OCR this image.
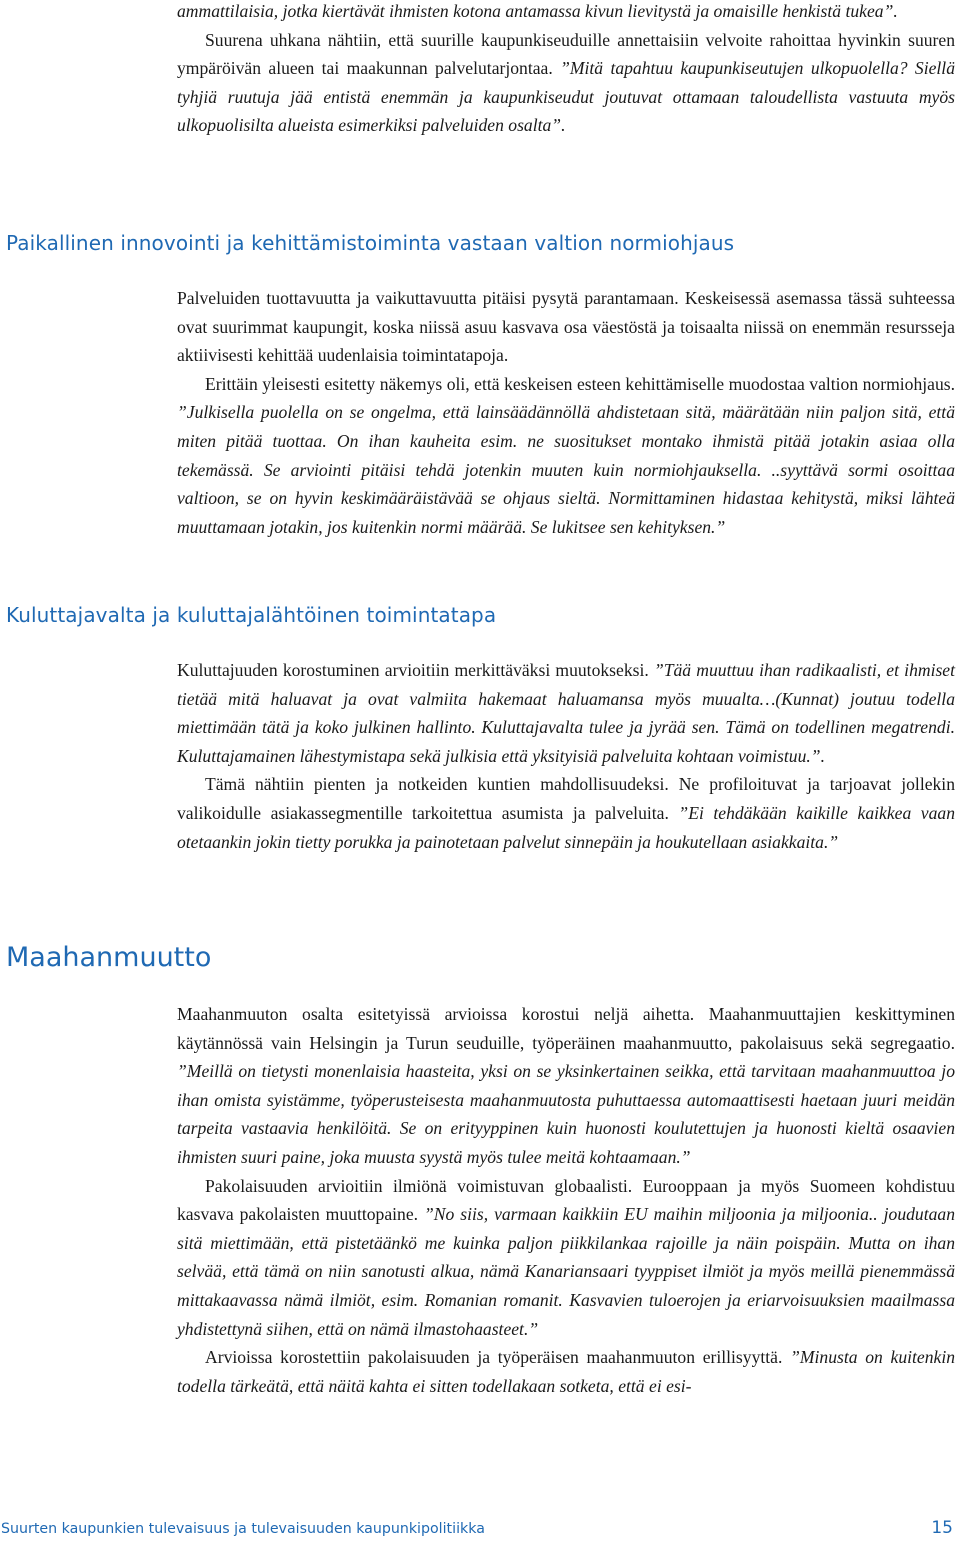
ammattilaisia, jotka kiertävät ihmisten kotona antamassa kivun lievitystä ja omaisille henkistä tukea”.

Suurena uhkana nähtiin, että suurille kaupunkiseuduille annettaisiin velvoite rahoittaa hyvinkin suuren ympäröivän alueen tai maakunnan palvelutarjontaa. ”Mitä tapahtuu kaupunkiseutujen ulkopuolella? Siellä tyhjiä ruutuja jää entistä enemmän ja kaupunkiseudut joutuvat ottamaan taloudellista vastuuta myös ulkopuolisilta alueista esimerkiksi palveluiden osalta”.

Paikallinen innovointi ja kehittämistoiminta vastaan valtion normiohjaus

Palveluiden tuottavuutta ja vaikuttavuutta pitäisi pysytä parantamaan. Keskeisessä asemassa tässä suhteessa ovat suurimmat kaupungit, koska niissä asuu kasvava osa väestöstä ja toisaalta niissä on enemmän resursseja aktiivisesti kehittää uudenlaisia toimintatapoja.

Erittäin yleisesti esitetty näkemys oli, että keskeisen esteen kehittämiselle muodostaa valtion normiohjaus. ”Julkisella puolella on se ongelma, että lainsäädännöllä ahdistetaan sitä, määrätään niin paljon sitä, että miten pitää tuottaa. On ihan kauheita esim. ne suositukset montako ihmistä pitää jotakin asiaa olla tekemässä. Se arviointi pitäisi tehdä jotenkin muuten kuin normiohjauksella. ..syyttävä sormi osoittaa valtioon, se on hyvin keskimääräistävää se ohjaus sieltä. Normittaminen hidastaa kehitystä, miksi lähteä muuttamaan jotakin, jos kuitenkin normi määrää. Se lukitsee sen kehityksen.”

Kuluttajavalta ja kuluttajalähtöinen toimintatapa

Kuluttajuuden korostuminen arvioitiin merkittäväksi muutokseksi. ”Tää muuttuu ihan radikaalisti, et ihmiset tietää mitä haluavat ja ovat valmiita hakemaat haluamansa myös muualta…(Kunnat) joutuu todella miettimään tätä ja koko julkinen hallinto. Kuluttajavalta tulee ja jyrää sen. Tämä on todellinen megatrendi. Kuluttajamainen lähestymistapa sekä julkisia että yksityisiä palveluita kohtaan voimistuu.”.

Tämä nähtiin pienten ja notkeiden kuntien mahdollisuudeksi. Ne profiloituvat ja tarjoavat jollekin valikoidulle asiakassegmentille tarkoitettua asumista ja palveluita. ”Ei tehdäkään kaikille kaikkea vaan otetaankin jokin tietty porukka ja painotetaan palvelut sinnepäin ja houkutellaan asiakkaita.”

Maahanmuutto

Maahanmuuton osalta esitetyissä arvioissa korostui neljä aihetta. Maahanmuuttajien keskittyminen käytännössä vain Helsingin ja Turun seuduille, työperäinen maahanmuutto, pakolaisuus sekä segregaatio. ”Meillä on tietysti monenlaisia haasteita, yksi on se yksinkertainen seikka, että tarvitaan maahanmuuttoa jo ihan omista syistämme, työperusteisesta maahanmuutosta puhuttaessa automaattisesti haetaan juuri meidän tarpeita vastaavia henkilöitä. Se on erityyppinen kuin huonosti koulutettujen ja huonosti kieltä osaavien ihmisten suuri paine, joka muusta syystä myös tulee meitä kohtaamaan.”

Pakolaisuuden arvioitiin ilmiönä voimistuvan globaalisti. Eurooppaan ja myös Suomeen kohdistuu kasvava pakolaisten muuttopaine. ”No siis, varmaan kaikkiin EU maihin miljoonia ja miljoonia.. joudutaan sitä miettimään, että pistetäänkö me kuinka paljon piikkilankaa rajoille ja näin poispäin. Mutta on ihan selvää, että tämä on niin sanotusti alkua, nämä Kanariansaari tyyppiset ilmiöt ja myös meillä pienemmässä mittakaavassa nämä ilmiöt, esim. Romanian romanit. Kasvavien tuloerojen ja eriarvoisuuksien maailmassa yhdistettynä siihen, että on nämä ilmastohaasteet.”

Arvioissa korostettiin pakolaisuuden ja työperäisen maahanmuuton erillisyyttä. ”Minusta on kuitenkin todella tärkeätä, että näitä kahta ei sitten todellakaan sotketa, että ei esi-

Suurten kaupunkien tulevaisuus ja tulevaisuuden kaupunkipolitiikka	15
